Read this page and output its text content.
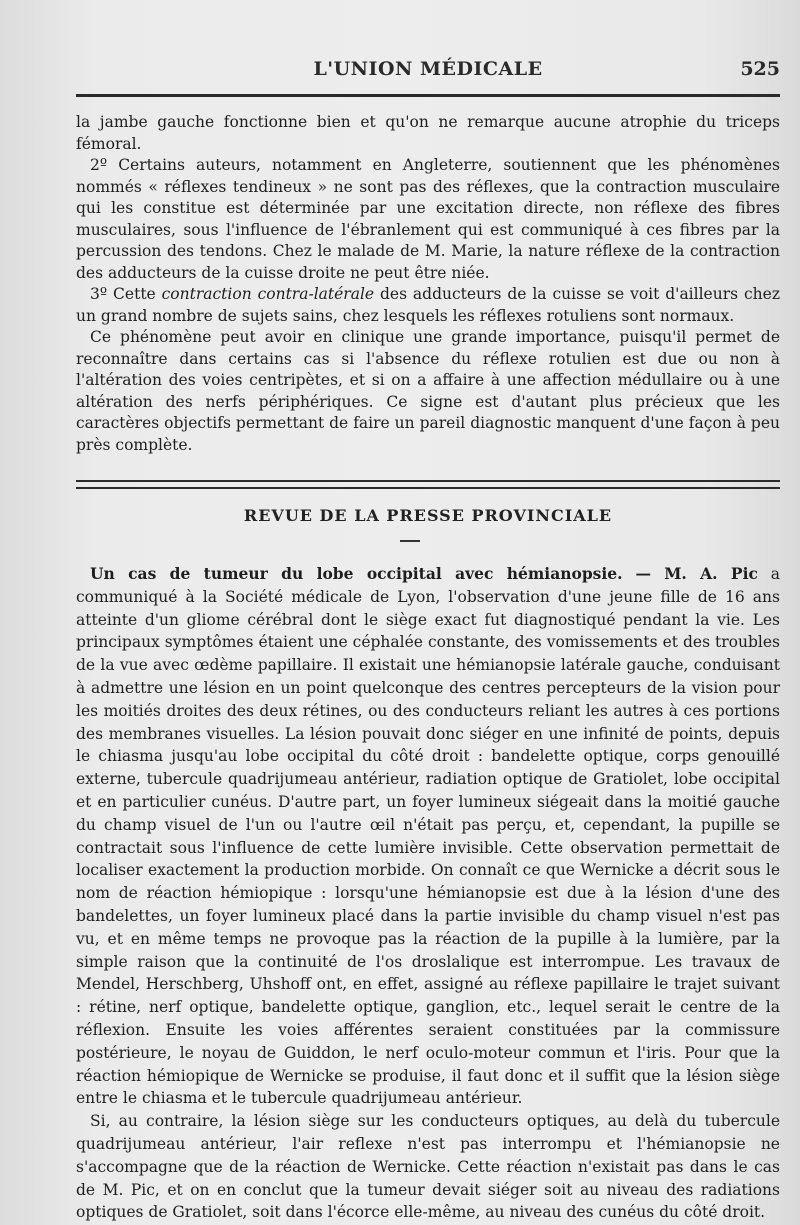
L'UNION MÉDICALE	525

la jambe gauche fonctionne bien et qu'on ne remarque aucune atrophie du triceps fémoral.

2º Certains auteurs, notamment en Angleterre, soutiennent que les phénomènes nommés « réflexes tendineux » ne sont pas des réflexes, que la contraction musculaire qui les constitue est déterminée par une excitation directe, non réflexe des fibres musculaires, sous l'influence de l'ébranlement qui est communiqué à ces fibres par la percussion des tendons. Chez le malade de M. Marie, la nature réflexe de la contraction des adducteurs de la cuisse droite ne peut être niée.

3º Cette contraction contra-latérale des adducteurs de la cuisse se voit d'ailleurs chez un grand nombre de sujets sains, chez lesquels les réflexes rotuliens sont normaux.

Ce phénomène peut avoir en clinique une grande importance, puisqu'il permet de reconnaître dans certains cas si l'absence du réflexe rotulien est due ou non à l'altération des voies centripètes, et si on a affaire à une affection médullaire ou à une altération des nerfs périphériques. Ce signe est d'autant plus précieux que les caractères objectifs permettant de faire un pareil diagnostic manquent d'une façon à peu près complète.

REVUE DE LA PRESSE PROVINCIALE

Un cas de tumeur du lobe occipital avec hémianopsie. — M. A. Pic a communiqué à la Société médicale de Lyon, l'observation d'une jeune fille de 16 ans atteinte d'un gliome cérébral dont le siège exact fut diagnostiqué pendant la vie. Les principaux symptômes étaient une céphalée constante, des vomissements et des troubles de la vue avec œdème papillaire. Il existait une hémianopsie latérale gauche, conduisant à admettre une lésion en un point quelconque des centres percepteurs de la vision pour les moitiés droites des deux rétines, ou des conducteurs reliant les autres à ces portions des membranes visuelles. La lésion pouvait donc siéger en une infinité de points, depuis le chiasma jusqu'au lobe occipital du côté droit : bandelette optique, corps genouillé externe, tubercule quadrijumeau antérieur, radiation optique de Gratiolet, lobe occipital et en particulier cunéus. D'autre part, un foyer lumineux siégeait dans la moitié gauche du champ visuel de l'un ou l'autre œil n'était pas perçu, et, cependant, la pupille se contractait sous l'influence de cette lumière invisible. Cette observation permettait de localiser exactement la production morbide. On connaît ce que Wernicke a décrit sous le nom de réaction hémiopique : lorsqu'une hémianopsie est due à la lésion d'une des bandelettes, un foyer lumineux placé dans la partie invisible du champ visuel n'est pas vu, et en même temps ne provoque pas la réaction de la pupille à la lumière, par la simple raison que la continuité de l'os droslalique est interrompue. Les travaux de Mendel, Herschberg, Uhshoff ont, en effet, assigné au réflexe papillaire le trajet suivant : rétine, nerf optique, bandelette optique, ganglion, etc., lequel serait le centre de la réflexion. Ensuite les voies afférentes seraient constituées par la commissure postérieure, le noyau de Guiddon, le nerf oculo-moteur commun et l'iris. Pour que la réaction hémiopique de Wernicke se produise, il faut donc et il suffit que la lésion siège entre le chiasma et le tubercule quadrijumeau antérieur.

Si, au contraire, la lésion siège sur les conducteurs optiques, au delà du tubercule quadrijumeau antérieur, l'air reflexe n'est pas interrompu et l'hémianopsie ne s'accompagne que de la réaction de Wernicke. Cette réaction n'existait pas dans le cas de M. Pic, et on en conclut que la tumeur devait siéger soit au niveau des radiations optiques de Gratiolet, soit dans l'écorce elle-même, au niveau des cunéus du côté droit.
